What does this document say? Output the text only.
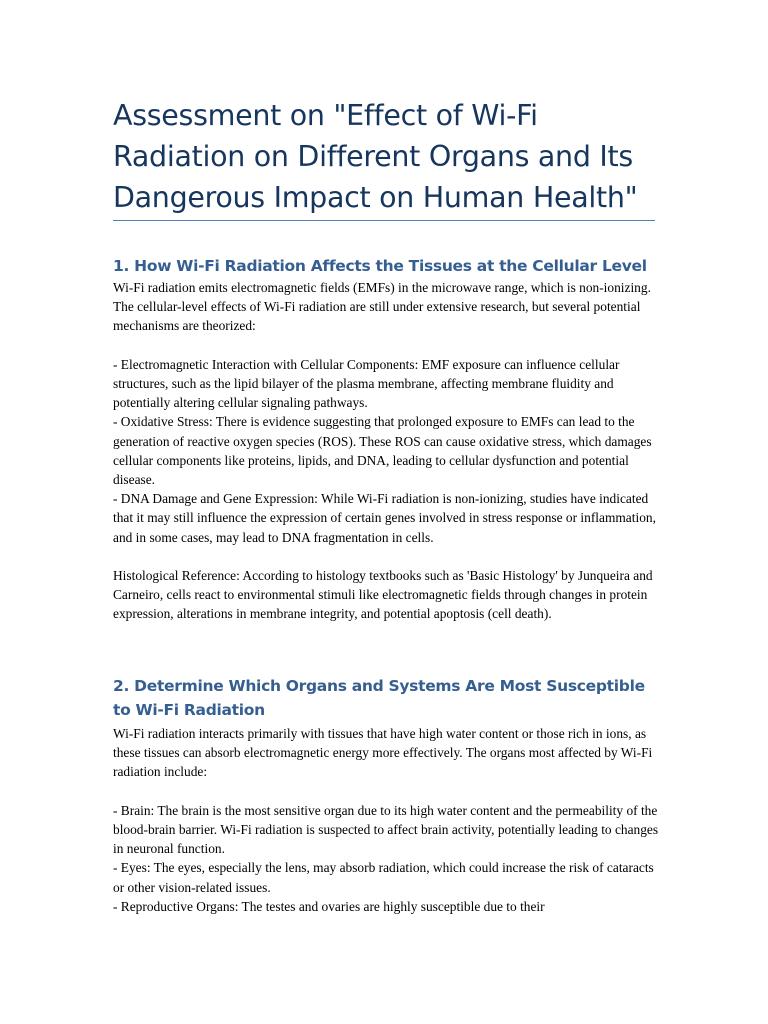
Assessment on "Effect of Wi-Fi Radiation on Different Organs and Its Dangerous Impact on Human Health"
1. How Wi-Fi Radiation Affects the Tissues at the Cellular Level

Wi-Fi radiation emits electromagnetic fields (EMFs) in the microwave range, which is non-ionizing. The cellular-level effects of Wi-Fi radiation are still under extensive research, but several potential mechanisms are theorized:

- Electromagnetic Interaction with Cellular Components: EMF exposure can influence cellular structures, such as the lipid bilayer of the plasma membrane, affecting membrane fluidity and potentially altering cellular signaling pathways.

- Oxidative Stress: There is evidence suggesting that prolonged exposure to EMFs can lead to the generation of reactive oxygen species (ROS). These ROS can cause oxidative stress, which damages cellular components like proteins, lipids, and DNA, leading to cellular dysfunction and potential disease.

- DNA Damage and Gene Expression: While Wi-Fi radiation is non-ionizing, studies have indicated that it may still influence the expression of certain genes involved in stress response or inflammation, and in some cases, may lead to DNA fragmentation in cells.

Histological Reference: According to histology textbooks such as 'Basic Histology' by Junqueira and Carneiro, cells react to environmental stimuli like electromagnetic fields through changes in protein expression, alterations in membrane integrity, and potential apoptosis (cell death).

2. Determine Which Organs and Systems Are Most Susceptible to Wi-Fi Radiation

Wi-Fi radiation interacts primarily with tissues that have high water content or those rich in ions, as these tissues can absorb electromagnetic energy more effectively. The organs most affected by Wi-Fi radiation include:

- Brain: The brain is the most sensitive organ due to its high water content and the permeability of the blood-brain barrier. Wi-Fi radiation is suspected to affect brain activity, potentially leading to changes in neuronal function.

- Eyes: The eyes, especially the lens, may absorb radiation, which could increase the risk of cataracts or other vision-related issues.

- Reproductive Organs: The testes and ovaries are highly susceptible due to their
